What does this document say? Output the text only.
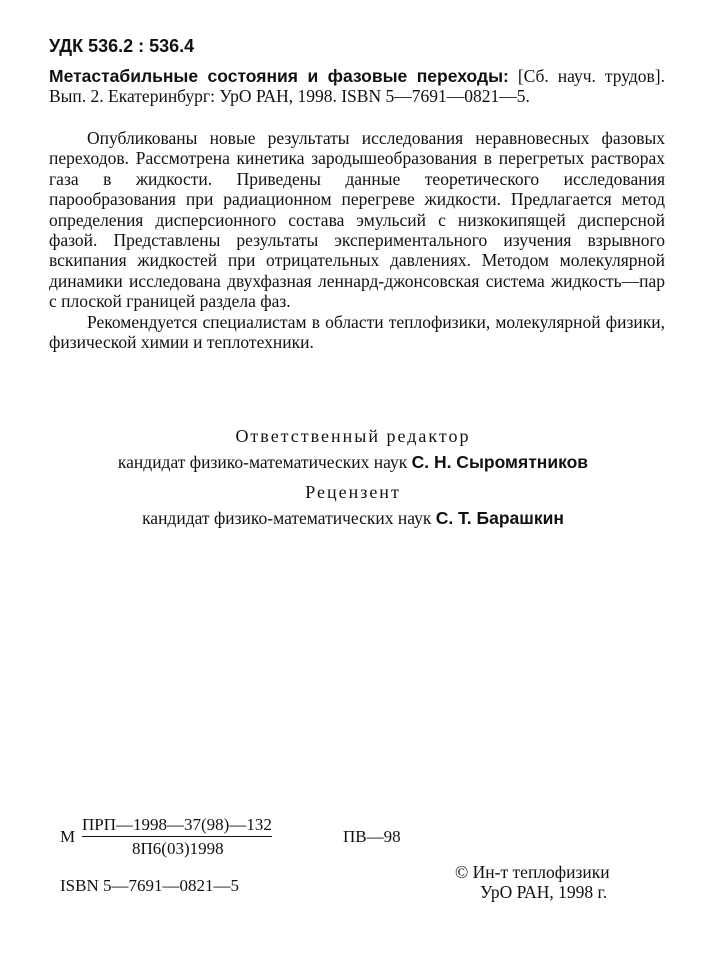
УДК 536.2 : 536.4
Метастабильные состояния и фазовые переходы: [Сб. науч. трудов]. Вып. 2. Екатеринбург: УрО РАН, 1998. ISBN 5—7691—0821—5.

Опубликованы новые результаты исследования неравновесных фазовых переходов. Рассмотрена кинетика зародышеобразования в перегретых растворах газа в жидкости. Приведены данные теоретического исследования парообразования при радиационном перегреве жидкости. Предлагается метод определения дисперсионного состава эмульсий с низкокипящей дисперсной фазой. Представлены результаты экспериментального изучения взрывного вскипания жидкостей при отрицательных давлениях. Методом молекулярной динамики исследована двухфазная леннард-джонсовская система жидкость—пар с плоской границей раздела фаз.

Рекомендуется специалистам в области теплофизики, молекулярной физики, физической химии и теплотехники.

Ответственный редактор
кандидат физико-математических наук С. Н. Сыромятников
Рецензент
кандидат физико-математических наук С. Т. Барашкин
М
ПРП—1998—37(98)—132
8П6(03)1998
ПВ—98
ISBN 5—7691—0821—5
© Ин-т теплофизики
УрО РАН, 1998 г.
